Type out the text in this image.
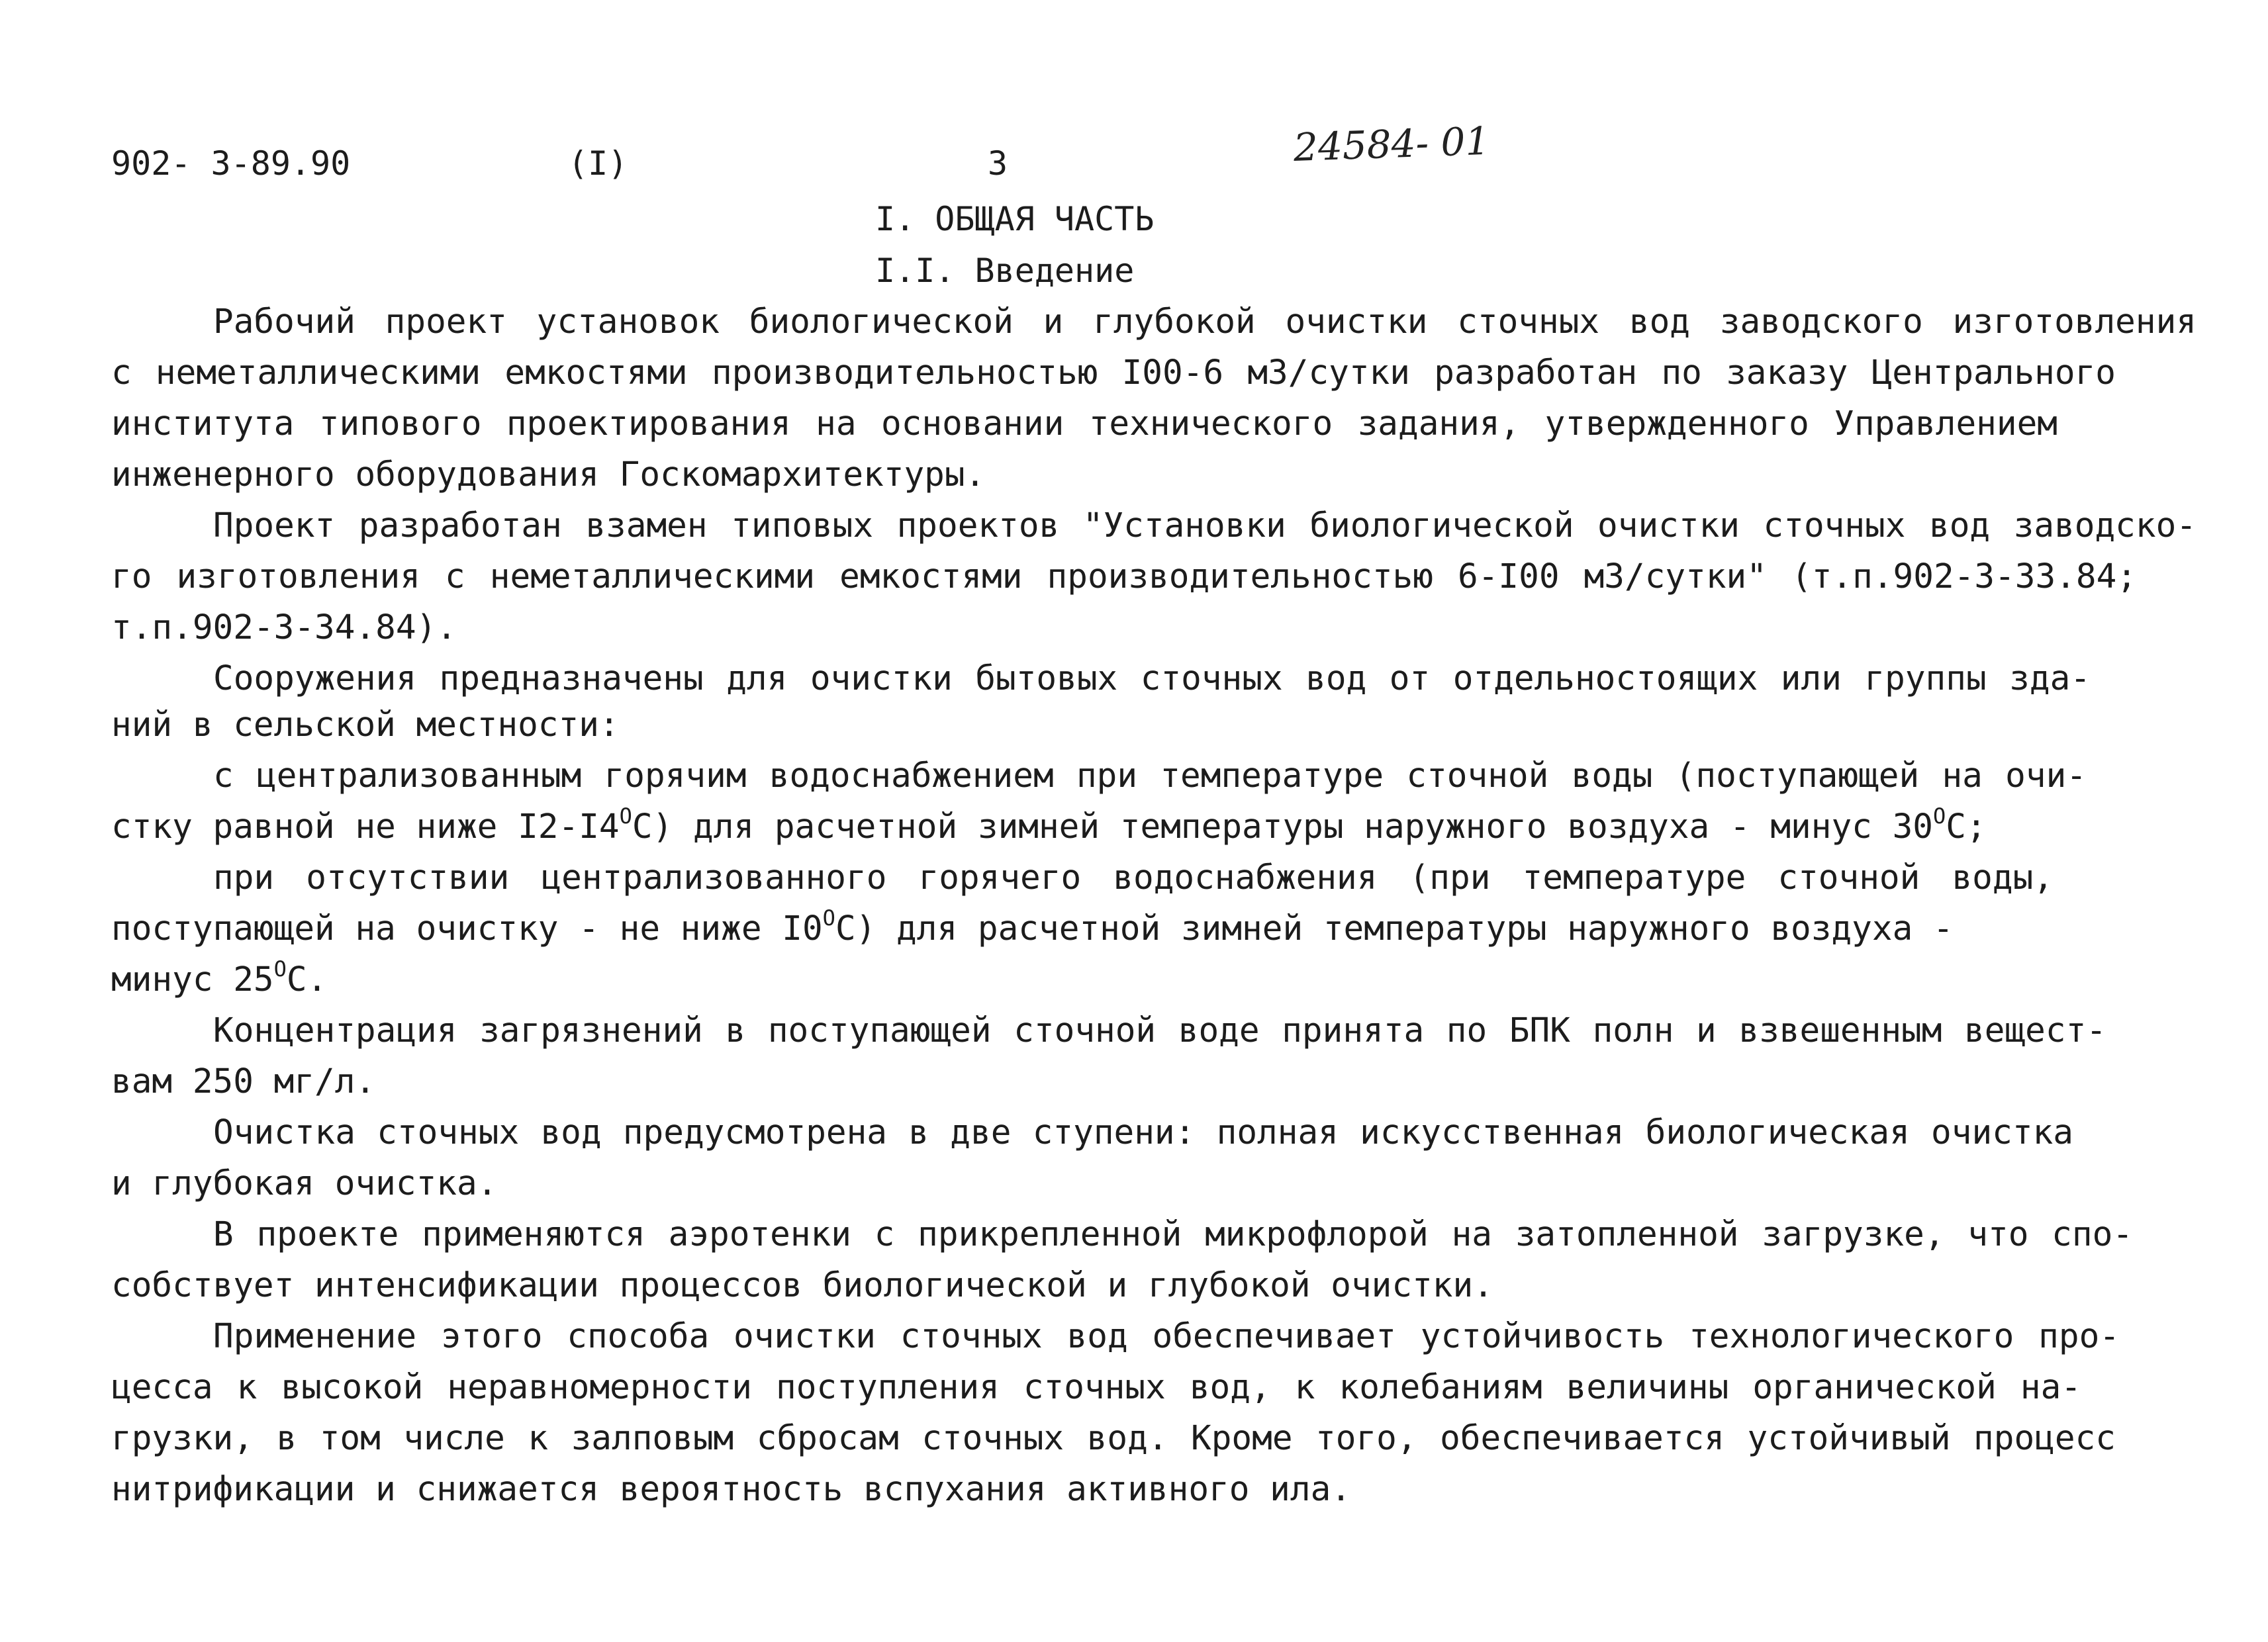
902- 3-89.90	(I)	3	24584- 01
I. ОБЩАЯ ЧАСТЬ
I.I. Введение
Рабочий проект установок биологической и глубокой очистки сточных вод заводского изготовления
с неметаллическими емкостями производительностью I00-6 м3/сутки разработан по заказу Центрального
института типового проектирования на основании технического задания, утвержденного Управлением
инженерного оборудования Госкомархитектуры.
Проект разработан взамен типовых проектов "Установки биологической очистки сточных вод заводско-
го изготовления с неметаллическими емкостями производительностью 6-I00 м3/сутки" (т.п.902-3-33.84;
т.п.902-3-34.84).
Сооружения предназначены для очистки бытовых сточных вод от отдельностоящих или группы зда-
ний в сельской местности:
с централизованным горячим водоснабжением при температуре сточной воды (поступающей на очи-
стку равной не ниже $I2-I4^OC$) для расчетной зимней температуры наружного воздуха - минус $30^OC$;
при отсутствии централизованного горячего водоснабжения (при температуре сточной воды,
поступающей на очистку - не ниже $I0^OC$) для расчетной зимней температуры наружного воздуха -
минус $25^OC$.
Концентрация загрязнений в поступающей сточной воде принята по БПК полн и взвешенным вещест-
вам 250 мг/л.
Очистка сточных вод предусмотрена в две ступени: полная искусственная биологическая очистка
и глубокая очистка.
В проекте применяются аэротенки с прикрепленной микрофлорой на затопленной загрузке, что спо-
собствует интенсификации процессов биологической и глубокой очистки.
Применение этого способа очистки сточных вод обеспечивает устойчивость технологического про-
цесса к высокой неравномерности поступления сточных вод, к колебаниям величины органической на-
грузки, в том числе к залповым сбросам сточных вод. Кроме того, обеспечивается устойчивый процесс
нитрификации и снижается вероятность вспухания активного ила.
